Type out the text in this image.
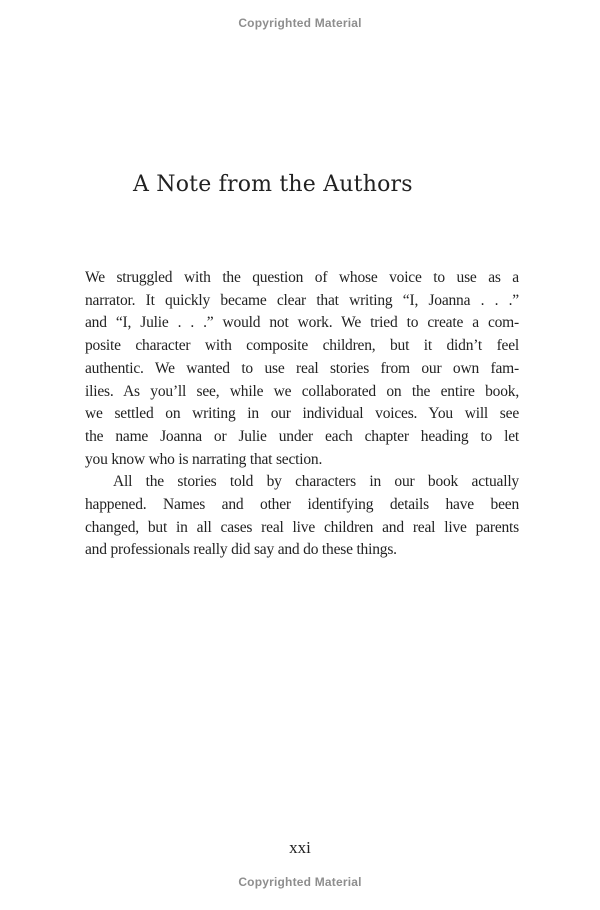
Copyrighted Material
A Note from the Authors
We struggled with the question of whose voice to use as a
narrator. It quickly became clear that writing “I, Joanna . . .”
and “I, Julie . . .” would not work. We tried to create a com-
posite character with composite children, but it didn’t feel
authentic. We wanted to use real stories from our own fam-
ilies. As you’ll see, while we collaborated on the entire book,
we settled on writing in our individual voices. You will see
the name Joanna or Julie under each chapter heading to let
you know who is narrating that section.
All the stories told by characters in our book actually
happened. Names and other identifying details have been
changed, but in all cases real live children and real live parents
and professionals really did say and do these things.
xxi
Copyrighted Material
